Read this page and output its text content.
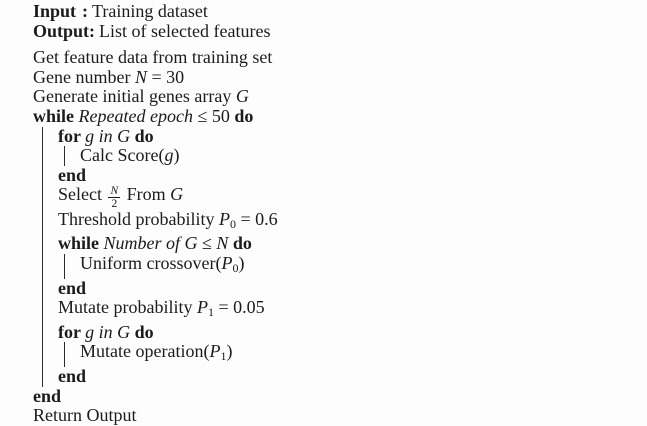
Input : Training dataset
Output: List of selected features
Get feature data from training set
Gene number N = 30
Generate initial genes array G
while Repeated epoch ≤ 50 do
for g in G do
Calc Score(g)
end
Select $\frac{N}{2}$ From G
Threshold probability $P_0 = 0.6$
while Number of G ≤ N do
Uniform $crossover(P_0)$
end
Mutate probability $P_1 = 0.05$
for g in G do
Mutate $operation(P_1)$
end
end
Return Output
